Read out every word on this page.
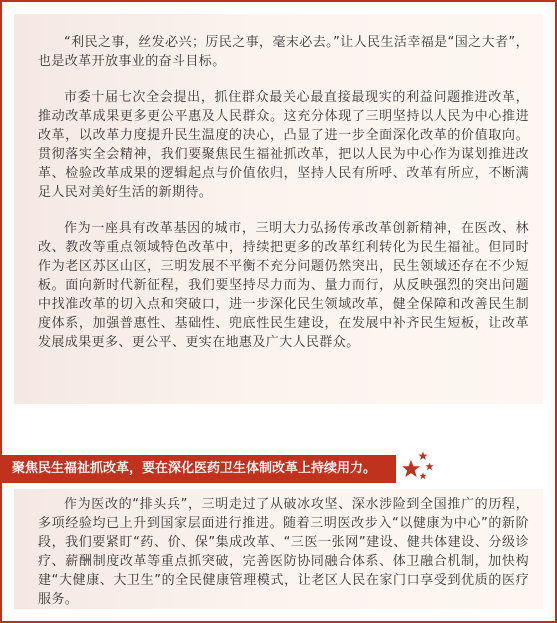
“利民之事，丝发必兴；厉民之事，毫末必去。”让人民生活幸福是“国之大者”，也是改革开放事业的奋斗目标。

市委十届七次全会提出，抓住群众最关心最直接最现实的利益问题推进改革，推动改革成果更多更公平惠及人民群众。这充分体现了三明坚持以人民为中心推进改革，以改革力度提升民生温度的决心，凸显了进一步全面深化改革的价值取向。贯彻落实全会精神，我们要聚焦民生福祉抓改革，把以人民为中心作为谋划推进改革、检验改革成果的逻辑起点与价值依归，坚持人民有所呼、改革有所应，不断满足人民对美好生活的新期待。

作为一座具有改革基因的城市，三明大力弘扬传承改革创新精神，在医改、林改、教改等重点领域特色改革中，持续把更多的改革红利转化为民生福祉。但同时作为老区苏区山区，三明发展不平衡不充分问题仍然突出，民生领域还存在不少短板。面向新时代新征程，我们要坚持尽力而为、量力而行，从反映强烈的突出问题中找准改革的切入点和突破口，进一步深化民生领域改革，健全保障和改善民生制度体系，加强普惠性、基础性、兜底性民生建设，在发展中补齐民生短板，让改革发展成果更多、更公平、更实在地惠及广大人民群众。

聚焦民生福祉抓改革，要在深化医药卫生体制改革上持续用力。

作为医改的“排头兵”，三明走过了从破冰攻坚、深水涉险到全国推广的历程，多项经验均已上升到国家层面进行推进。随着三明医改步入“以健康为中心”的新阶段，我们要紧盯“药、价、保”集成改革、“三医一张网”建设、健共体建设、分级诊疗、薪酬制度改革等重点抓突破，完善医防协同融合体系、体卫融合机制，加快构建“大健康、大卫生”的全民健康管理模式，让老区人民在家门口享受到优质的医疗服务。
